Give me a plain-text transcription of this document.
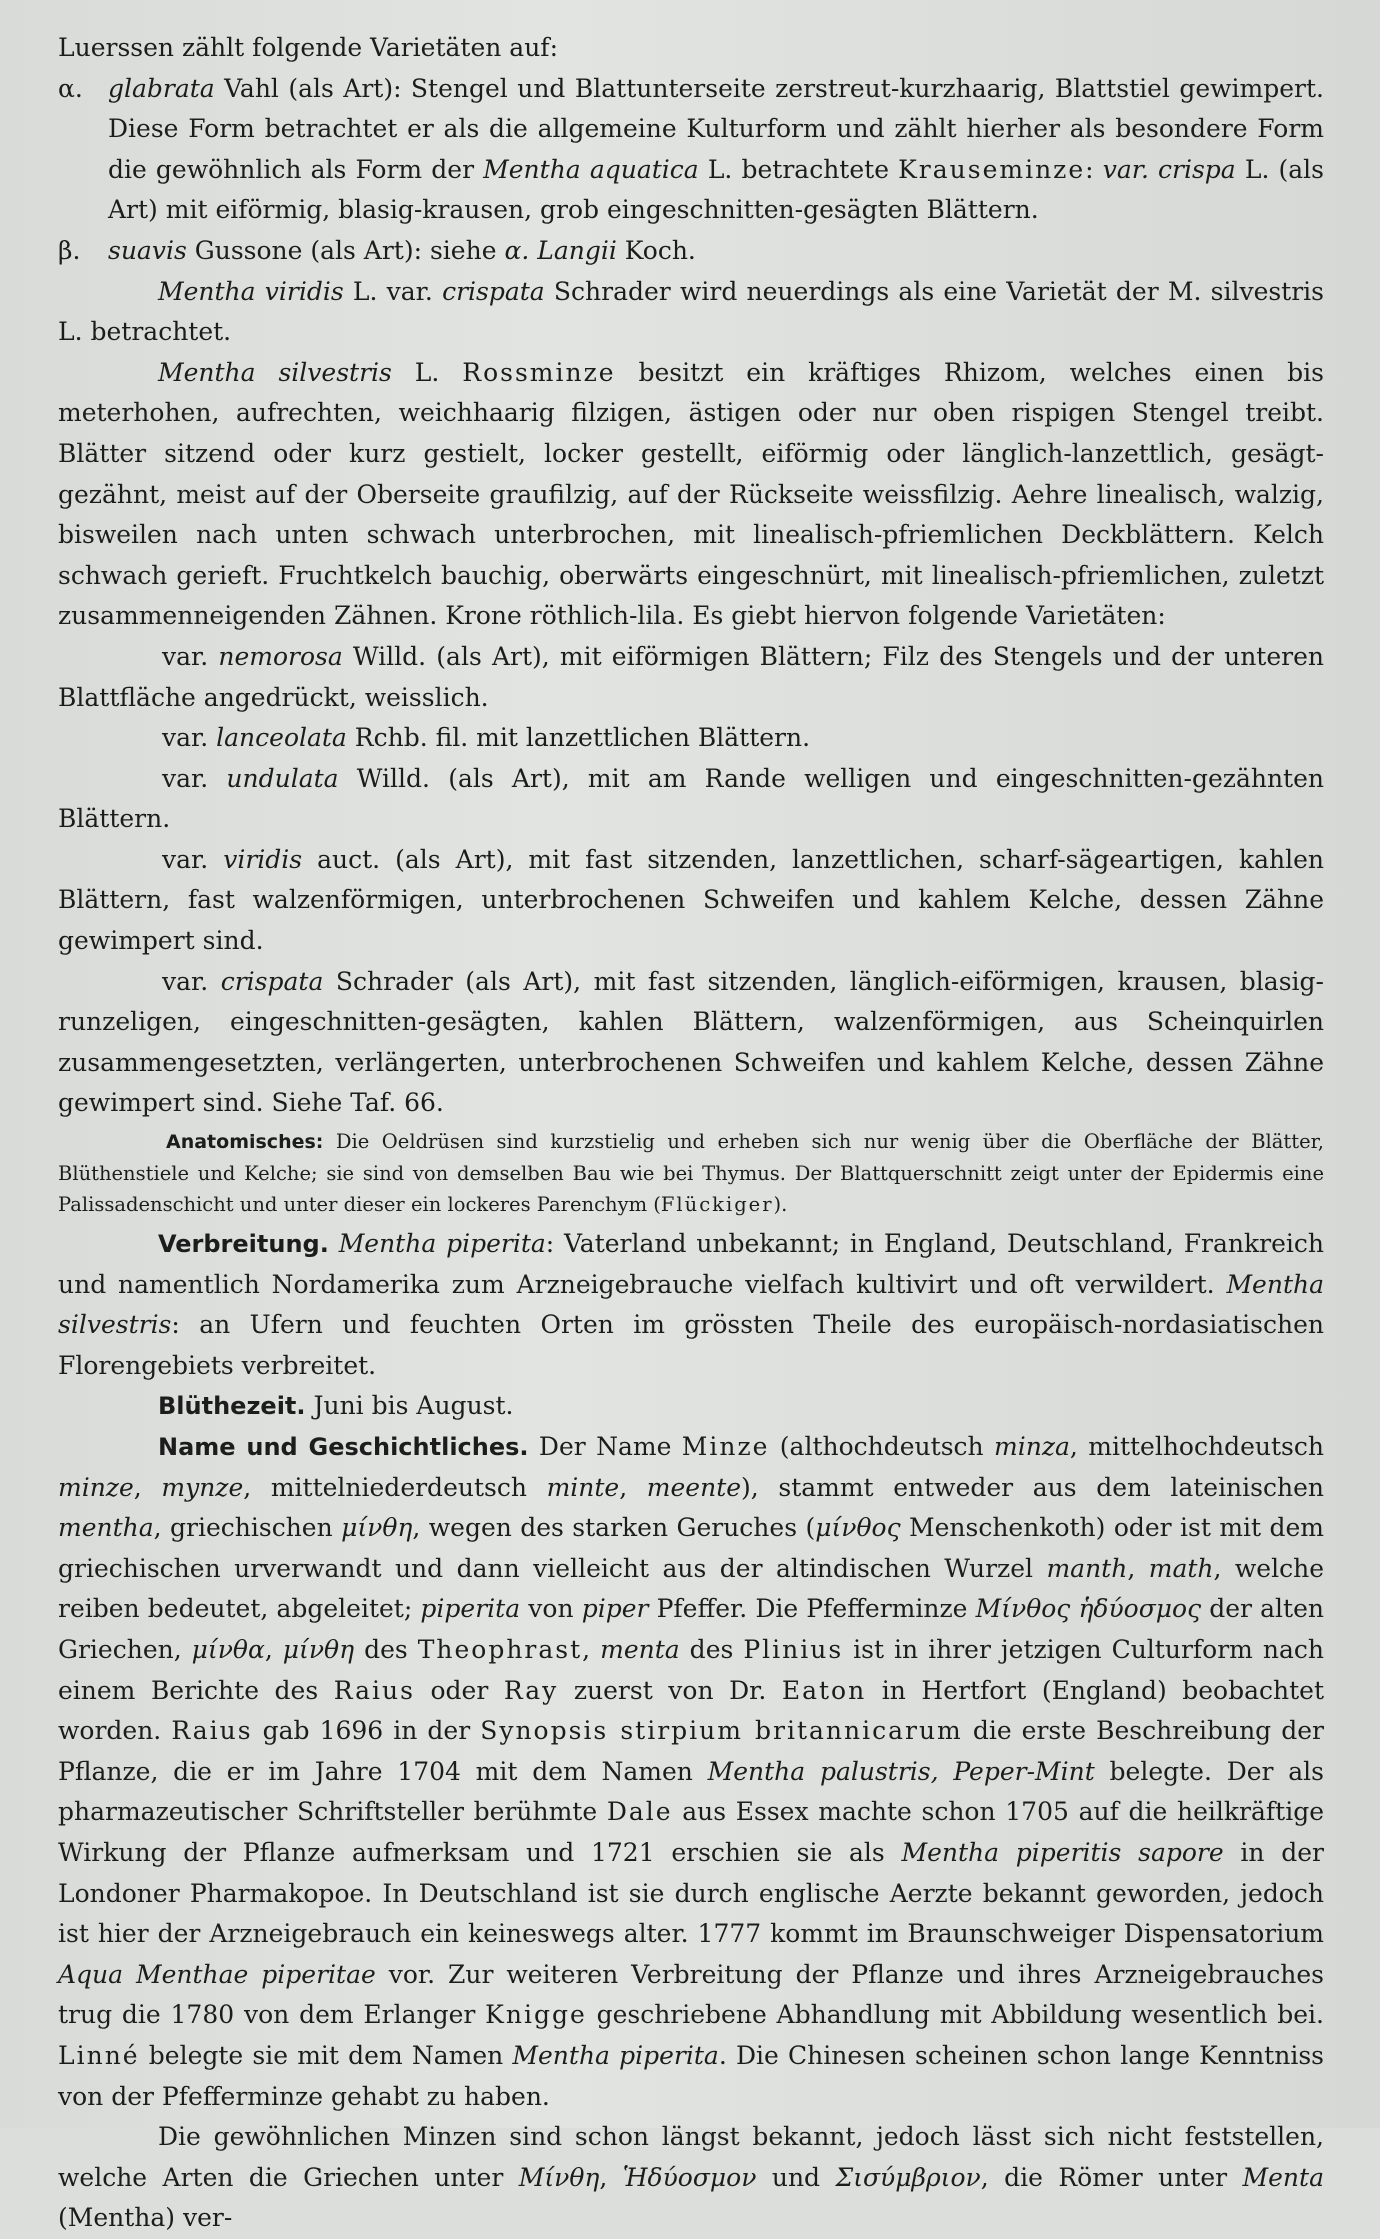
Luerssen zählt folgende Varietäten auf:

α. glabrata Vahl (als Art): Stengel und Blattunterseite zerstreut-kurzhaarig, Blattstiel gewimpert. Diese Form betrachtet er als die allgemeine Kulturform und zählt hierher als besondere Form die gewöhnlich als Form der Mentha aquatica L. betrachtete Krauseminze: var. crispa L. (als Art) mit eiförmig, blasig-krausen, grob eingeschnitten-gesägten Blättern.

β. suavis Gussone (als Art): siehe α. Langii Koch.

Mentha viridis L. var. crispata Schrader wird neuerdings als eine Varietät der M. silvestris L. betrachtet.

Mentha silvestris L. Rossminze besitzt ein kräftiges Rhizom, welches einen bis meterhohen, aufrechten, weichhaarig filzigen, ästigen oder nur oben rispigen Stengel treibt. Blätter sitzend oder kurz gestielt, locker gestellt, eiförmig oder länglich-lanzettlich, gesägt-gezähnt, meist auf der Oberseite graufilzig, auf der Rückseite weissfilzig. Aehre linealisch, walzig, bisweilen nach unten schwach unterbrochen, mit linealisch-pfriemlichen Deckblättern. Kelch schwach gerieft. Fruchtkelch bauchig, oberwärts eingeschnürt, mit linealisch-pfriemlichen, zuletzt zusammenneigenden Zähnen. Krone röthlich-lila. Es giebt hiervon folgende Varietäten:

var. nemorosa Willd. (als Art), mit eiförmigen Blättern; Filz des Stengels und der unteren Blattfläche angedrückt, weisslich.

var. lanceolata Rchb. fil. mit lanzettlichen Blättern.

var. undulata Willd. (als Art), mit am Rande welligen und eingeschnitten-gezähnten Blättern.

var. viridis auct. (als Art), mit fast sitzenden, lanzettlichen, scharf-sägeartigen, kahlen Blättern, fast walzenförmigen, unterbrochenen Schweifen und kahlem Kelche, dessen Zähne gewimpert sind.

var. crispata Schrader (als Art), mit fast sitzenden, länglich-eiförmigen, krausen, blasig-runzeligen, eingeschnitten-gesägten, kahlen Blättern, walzenförmigen, aus Scheinquirlen zusammengesetzten, verlängerten, unterbrochenen Schweifen und kahlem Kelche, dessen Zähne gewimpert sind. Siehe Taf. 66.

Anatomisches: Die Oeldrüsen sind kurzstielig und erheben sich nur wenig über die Oberfläche der Blätter, Blüthenstiele und Kelche; sie sind von demselben Bau wie bei Thymus. Der Blattquerschnitt zeigt unter der Epidermis eine Palissadenschicht und unter dieser ein lockeres Parenchym (Flückiger).

Verbreitung. Mentha piperita: Vaterland unbekannt; in England, Deutschland, Frankreich und namentlich Nordamerika zum Arzneigebrauche vielfach kultivirt und oft verwildert. Mentha silvestris: an Ufern und feuchten Orten im grössten Theile des europäisch-nordasiatischen Florengebiets verbreitet.

Blüthezeit. Juni bis August.

Name und Geschichtliches. Der Name Minze (althochdeutsch minza, mittelhochdeutsch minze, mynze, mittelniederdeutsch minte, meente), stammt entweder aus dem lateinischen mentha, griechischen μίνθη, wegen des starken Geruches (μίνθος Menschenkoth) oder ist mit dem griechischen urverwandt und dann vielleicht aus der altindischen Wurzel manth, math, welche reiben bedeutet, abgeleitet; piperita von piper Pfeffer. Die Pfefferminze Μίνθος ἡδύοσμος der alten Griechen, μίνθα, μίνθη des Theophrast, menta des Plinius ist in ihrer jetzigen Culturform nach einem Berichte des Raius oder Ray zuerst von Dr. Eaton in Hertfort (England) beobachtet worden. Raius gab 1696 in der Synopsis stirpium britannicarum die erste Beschreibung der Pflanze, die er im Jahre 1704 mit dem Namen Mentha palustris, Peper-Mint belegte. Der als pharmazeutischer Schriftsteller berühmte Dale aus Essex machte schon 1705 auf die heilkräftige Wirkung der Pflanze aufmerksam und 1721 erschien sie als Mentha piperitis sapore in der Londoner Pharmakopoe. In Deutschland ist sie durch englische Aerzte bekannt geworden, jedoch ist hier der Arzneigebrauch ein keineswegs alter. 1777 kommt im Braunschweiger Dispensatorium Aqua Menthae piperitae vor. Zur weiteren Verbreitung der Pflanze und ihres Arzneigebrauches trug die 1780 von dem Erlanger Knigge geschriebene Abhandlung mit Abbildung wesentlich bei. Linné belegte sie mit dem Namen Mentha piperita. Die Chinesen scheinen schon lange Kenntniss von der Pfefferminze gehabt zu haben.

Die gewöhnlichen Minzen sind schon längst bekannt, jedoch lässt sich nicht feststellen, welche Arten die Griechen unter Μίνθη, Ἡδύοσμον und Σισύμβριον, die Römer unter Menta (Mentha) ver-
